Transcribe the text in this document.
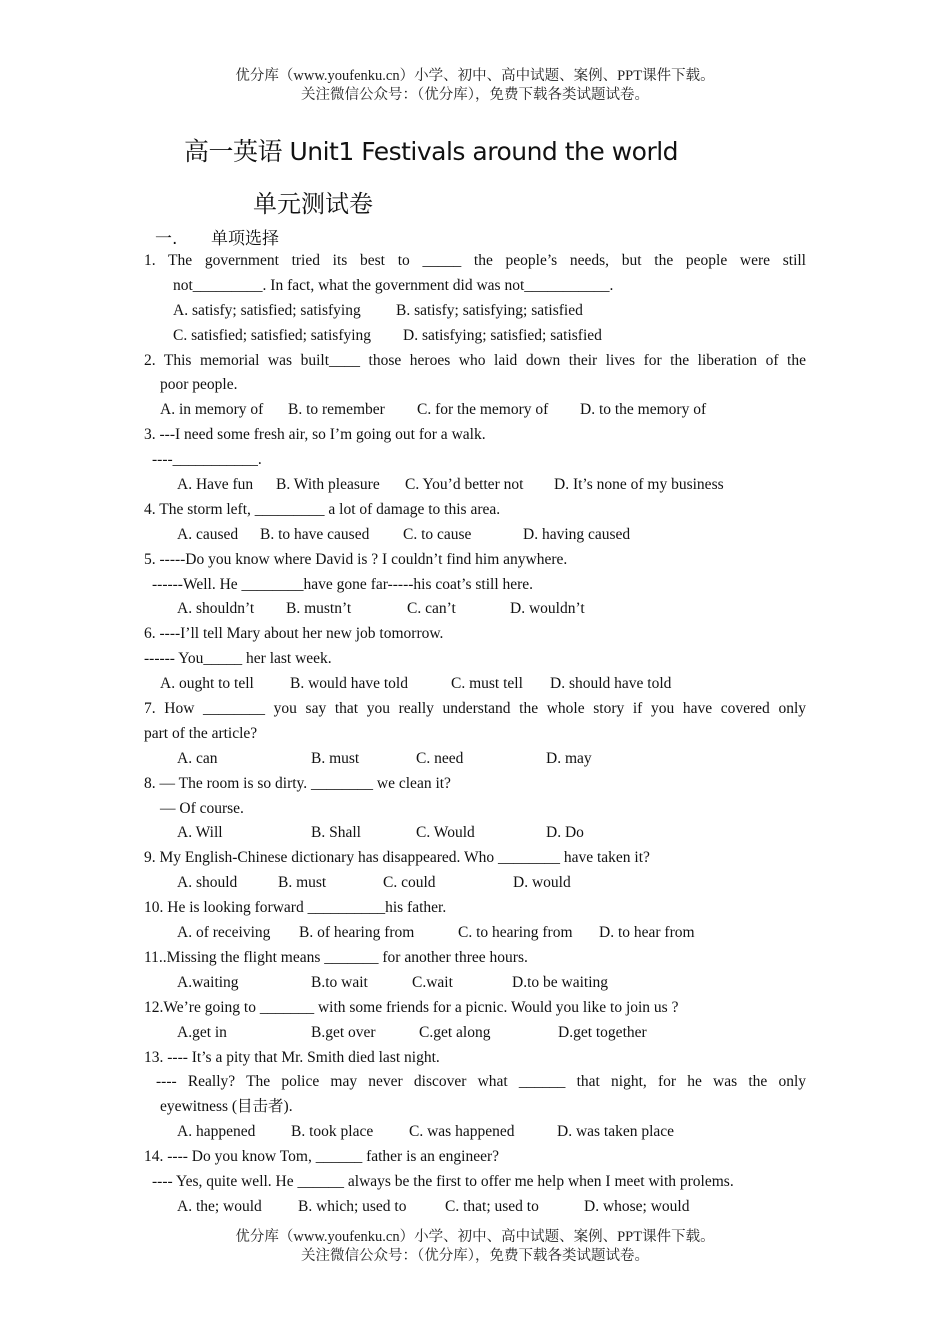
优分库（www.youfenku.cn）小学、初中、高中试题、案例、PPT课件下载。
关注微信公众号：（优分库），免费下载各类试题试卷。
高一英语 Unit1 Festivals around the world
单元测试卷
一. 单项选择
1. The government tried its best to _____ the people’s needs, but the people were still
not_________. In fact, what the government did was not___________.
A. satisfy; satisfied; satisfying B. satisfy; satisfying; satisfied
C. satisfied; satisfied; satisfying D. satisfying; satisfied; satisfied
2. This memorial was built____ those heroes who laid down their lives for the liberation of the
poor people.
A. in memory of B. to remember C. for the memory of D. to the memory of
3. ---I need some fresh air, so I’m going out for a walk.
----___________.
A. Have fun B. With pleasure C. You’d better not D. It’s none of my business
4. The storm left, _________ a lot of damage to this area.
A. caused B. to have caused C. to cause	D. having caused
5. -----Do you know where David is ? I couldn’t find him anywhere.
------Well. He ________have gone far-----his coat’s still here.
A. shouldn’t B. mustn’t	C. can’t	D. wouldn’t
6. ----I’ll tell Mary about her new job tomorrow.
------ You_____ her last week.
A. ought to tell B. would have told	C. must tell D. should have told
7. How ________ you say that you really understand the whole story if you have covered only
part of the article?
A. can	B. must	C. need	D. may
8. — The room is so dirty. ________ we clean it?
— Of course.
A. Will	B. Shall	C. Would	D. Do
9. My English-Chinese dictionary has disappeared. Who ________ have taken it?
A. should	B. must	C. could	D. would
10. He is looking forward __________his father.
A. of receiving B. of hearing from	C. to hearing from D. to hear from
11..Missing the flight means _______ for another three hours.
A.waiting	B.to wait	C.wait	D.to be waiting
12.We’re going to _______ with some friends for a picnic. Would you like to join us ?
A.get in	B.get over	C.get along	D.get together
13. ---- It’s a pity that Mr. Smith died last night.
---- Really? The police may never discover what ______ that night, for he was the only
eyewitness (目击者).
A. happened B. took place C. was happened	D. was taken place
14. ---- Do you know Tom, ______ father is an engineer?
---- Yes, quite well. He ______ always be the first to offer me help when I meet with prolems.
A. the; would B. which; used to C. that; used to	D. whose; would
优分库（www.youfenku.cn）小学、初中、高中试题、案例、PPT课件下载。
关注微信公众号：（优分库），免费下载各类试题试卷。
